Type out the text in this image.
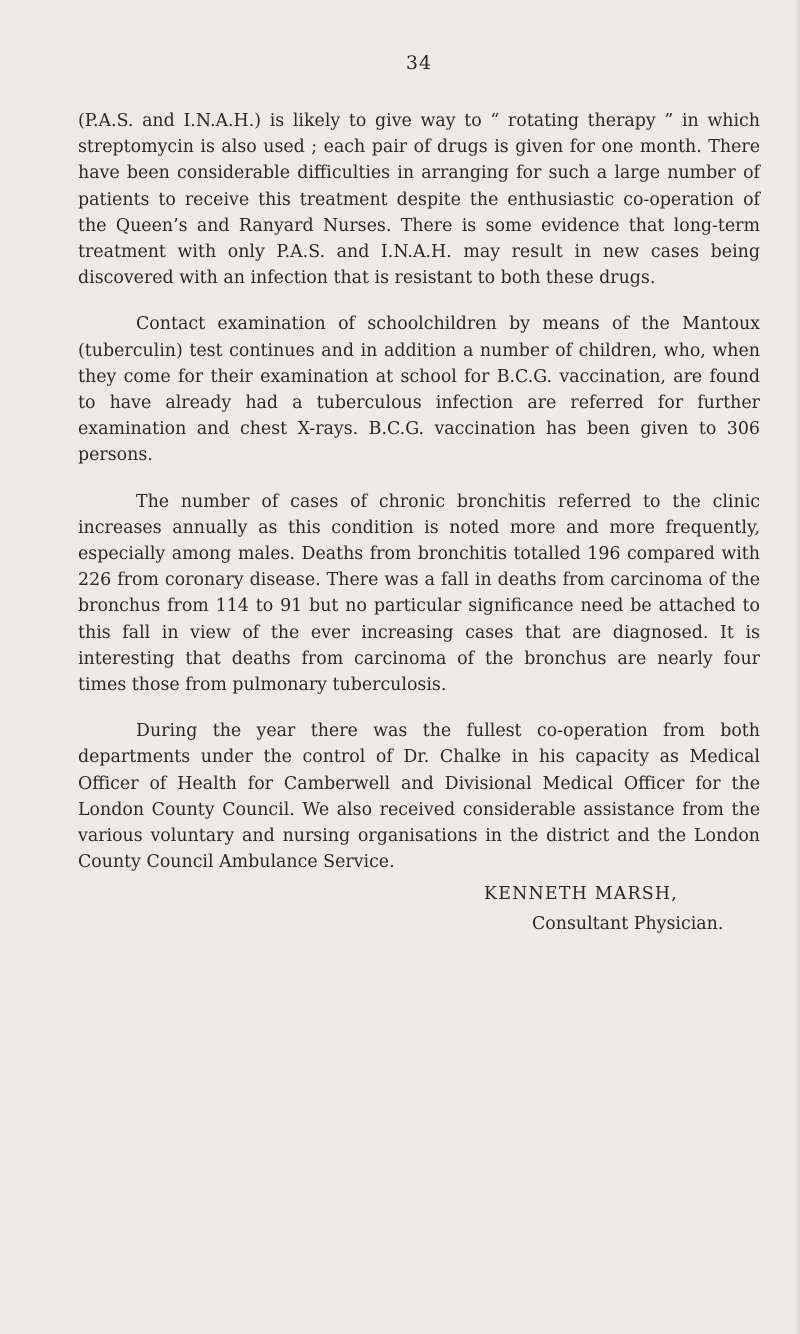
34

(P.A.S. and I.N.A.H.) is likely to give way to “ rotating therapy ” in which streptomycin is also used ; each pair of drugs is given for one month. There have been considerable difficulties in arranging for such a large number of patients to receive this treatment despite the enthusiastic co-operation of the Queen’s and Ranyard Nurses. There is some evidence that long-term treatment with only P.A.S. and I.N.A.H. may result in new cases being discovered with an infection that is resistant to both these drugs.

Contact examination of schoolchildren by means of the Mantoux (tuberculin) test continues and in addition a number of children, who, when they come for their examination at school for B.C.G. vaccination, are found to have already had a tuberculous infection are referred for further examination and chest X-rays. B.C.G. vaccination has been given to 306 persons.

The number of cases of chronic bronchitis referred to the clinic increases annually as this condition is noted more and more frequently, especially among males. Deaths from bronchitis totalled 196 compared with 226 from coronary disease. There was a fall in deaths from carcinoma of the bronchus from 114 to 91 but no particular significance need be attached to this fall in view of the ever increasing cases that are diagnosed. It is interesting that deaths from carcinoma of the bronchus are nearly four times those from pulmonary tuberculosis.

During the year there was the fullest co-operation from both departments under the control of Dr. Chalke in his capacity as Medical Officer of Health for Camberwell and Divisional Medical Officer for the London County Council. We also received considerable assistance from the various voluntary and nursing organisations in the district and the London County Council Ambulance Service.

KENNETH MARSH,
Consultant Physician.
